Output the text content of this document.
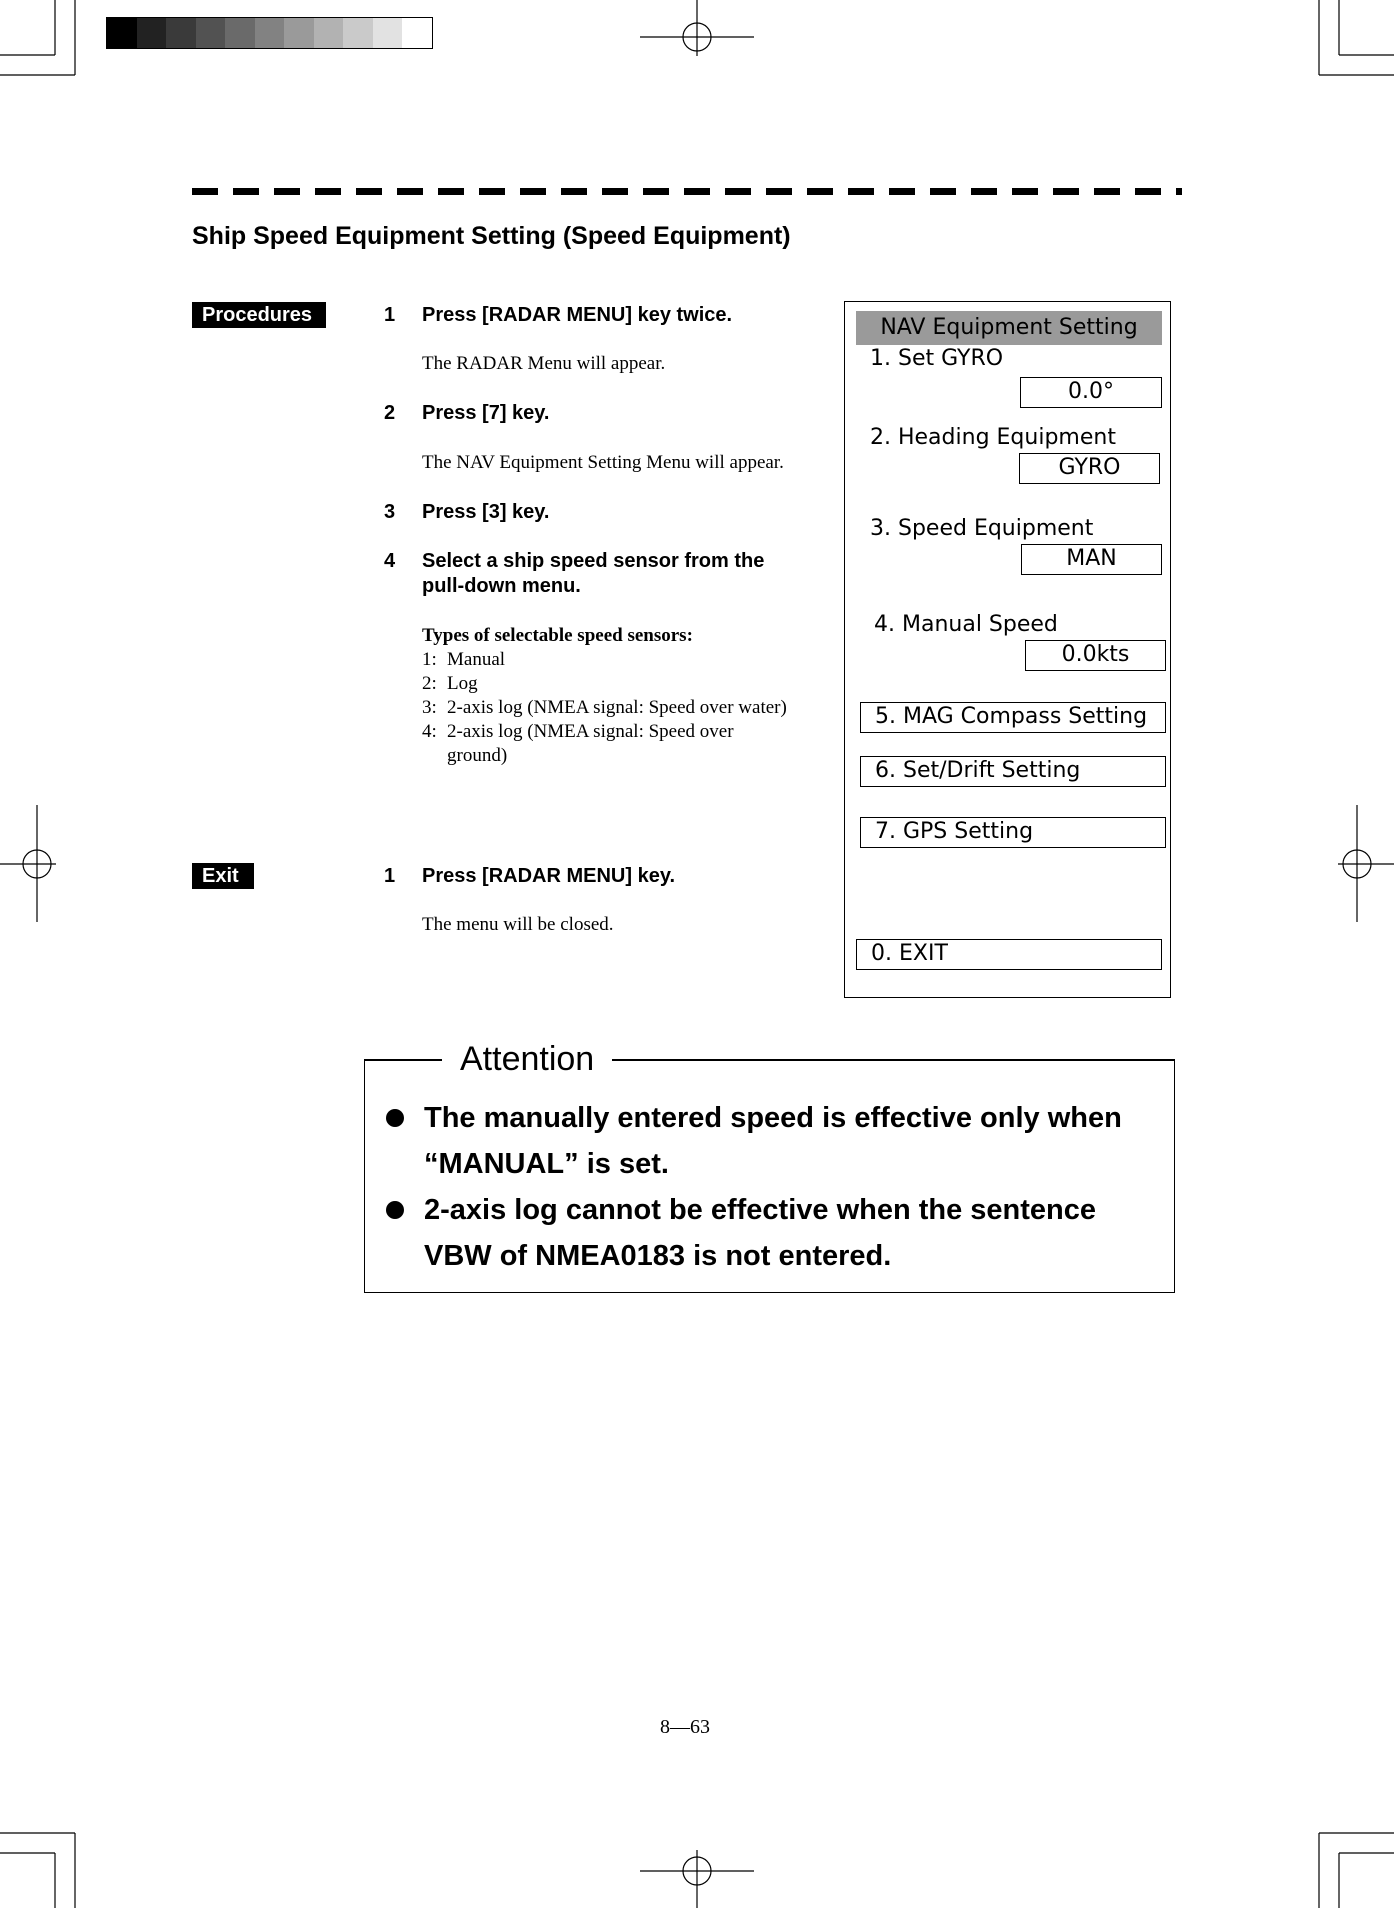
Ship Speed Equipment Setting (Speed Equipment)
Procedures	1 Press [RADAR MENU] key twice.
The RADAR Menu will appear.
2 Press [7] key.
The NAV Equipment Setting Menu will appear.
3 Press [3] key.
4 Select a ship speed sensor from the
pull-down menu.
Types of selectable speed sensors:
1: Manual
2: Log
3: 2-axis log (NMEA signal: Speed over water)
4: 2-axis log (NMEA signal: Speed over
ground)
Exit	1 Press [RADAR MENU] key.
The menu will be closed.
NAV Equipment Setting
1. Set GYRO
0.0°
2. Heading Equipment
GYRO
3. Speed Equipment
MAN
4. Manual Speed
0.0kts
5. MAG Compass Setting
6. Set/Drift Setting
7. GPS Setting
0. EXIT
Attention
The manually entered speed is effective only when
“MANUAL” is set.
2-axis log cannot be effective when the sentence
VBW of NMEA0183 is not entered.
8—63
